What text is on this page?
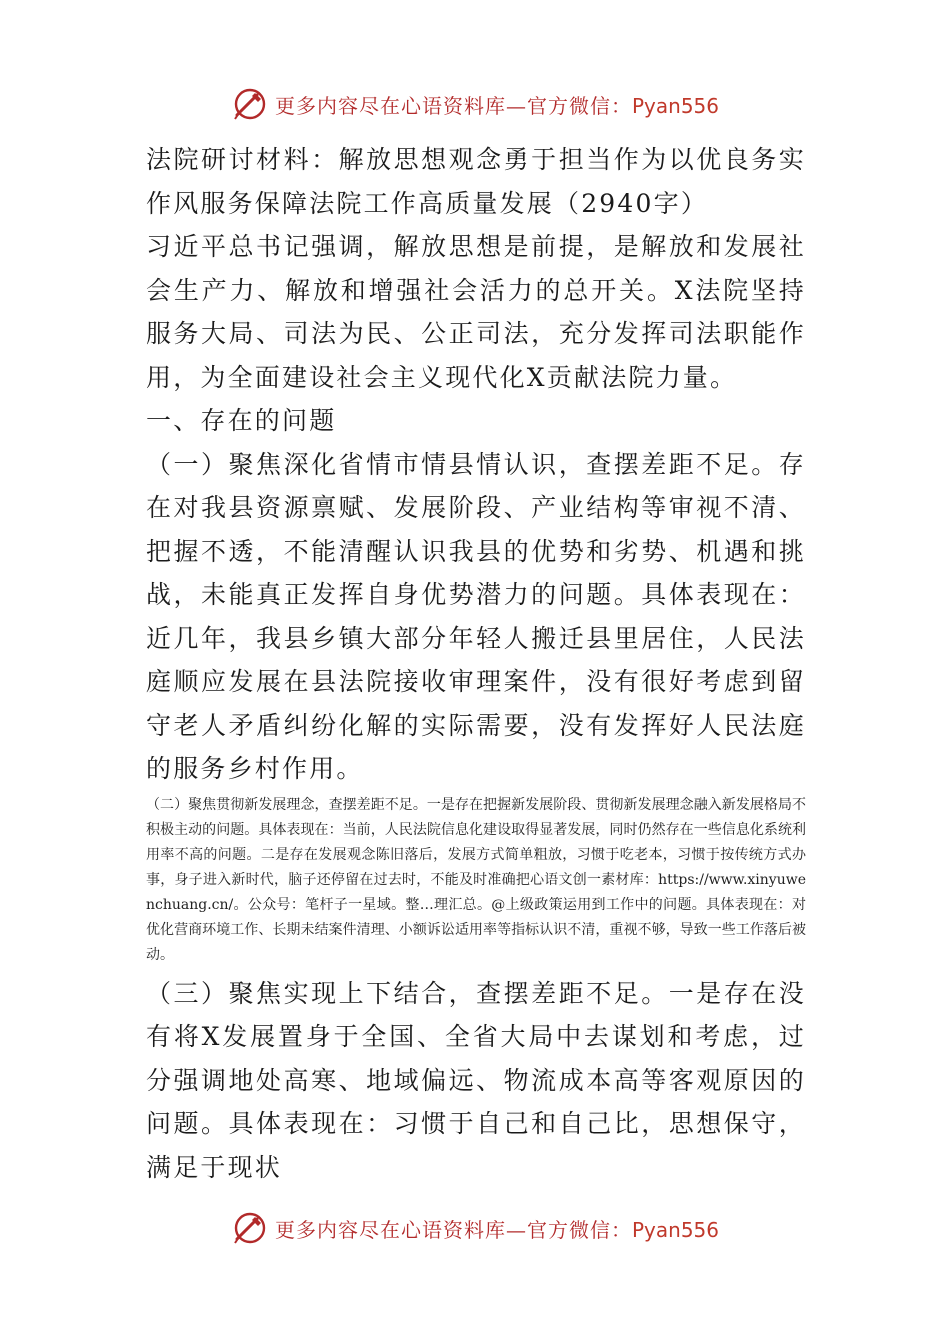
更多内容尽在心语资料库—官方微信：Pyan556

法院研讨材料：解放思想观念勇于担当作为以优良务实作风服务保障法院工作高质量发展（2940字）

习近平总书记强调，解放思想是前提，是解放和发展社会生产力、解放和增强社会活力的总开关。X法院坚持服务大局、司法为民、公正司法，充分发挥司法职能作用，为全面建设社会主义现代化X贡献法院力量。

一、存在的问题

（一）聚焦深化省情市情县情认识，查摆差距不足。存在对我县资源禀赋、发展阶段、产业结构等审视不清、把握不透，不能清醒认识我县的优势和劣势、机遇和挑战，未能真正发挥自身优势潜力的问题。具体表现在：近几年，我县乡镇大部分年轻人搬迁县里居住，人民法庭顺应发展在县法院接收审理案件，没有很好考虑到留守老人矛盾纠纷化解的实际需要，没有发挥好人民法庭的服务乡村作用。

（二）聚焦贯彻新发展理念，查摆差距不足。一是存在把握新发展阶段、贯彻新发展理念融入新发展格局不积极主动的问题。具体表现在：当前，人民法院信息化建设取得显著发展，同时仍然存在一些信息化系统利用率不高的问题。二是存在发展观念陈旧落后，发展方式简单粗放，习惯于吃老本，习惯于按传统方式办事，身子进入新时代，脑子还停留在过去时，不能及时准确把心语文创一素材库：https://www.xinyuwenchuang.cn/。公众号：笔杆子一星域。整…理汇总。@上级政策运用到工作中的问题。具体表现在：对优化营商环境工作、长期未结案件清理、小额诉讼适用率等指标认识不清，重视不够，导致一些工作落后被动。

（三）聚焦实现上下结合，查摆差距不足。一是存在没有将X发展置身于全国、全省大局中去谋划和考虑，过分强调地处高寒、地域偏远、物流成本高等客观原因的问题。具体表现在：习惯于自己和自己比，思想保守，满足于现状

更多内容尽在心语资料库—官方微信：Pyan556
